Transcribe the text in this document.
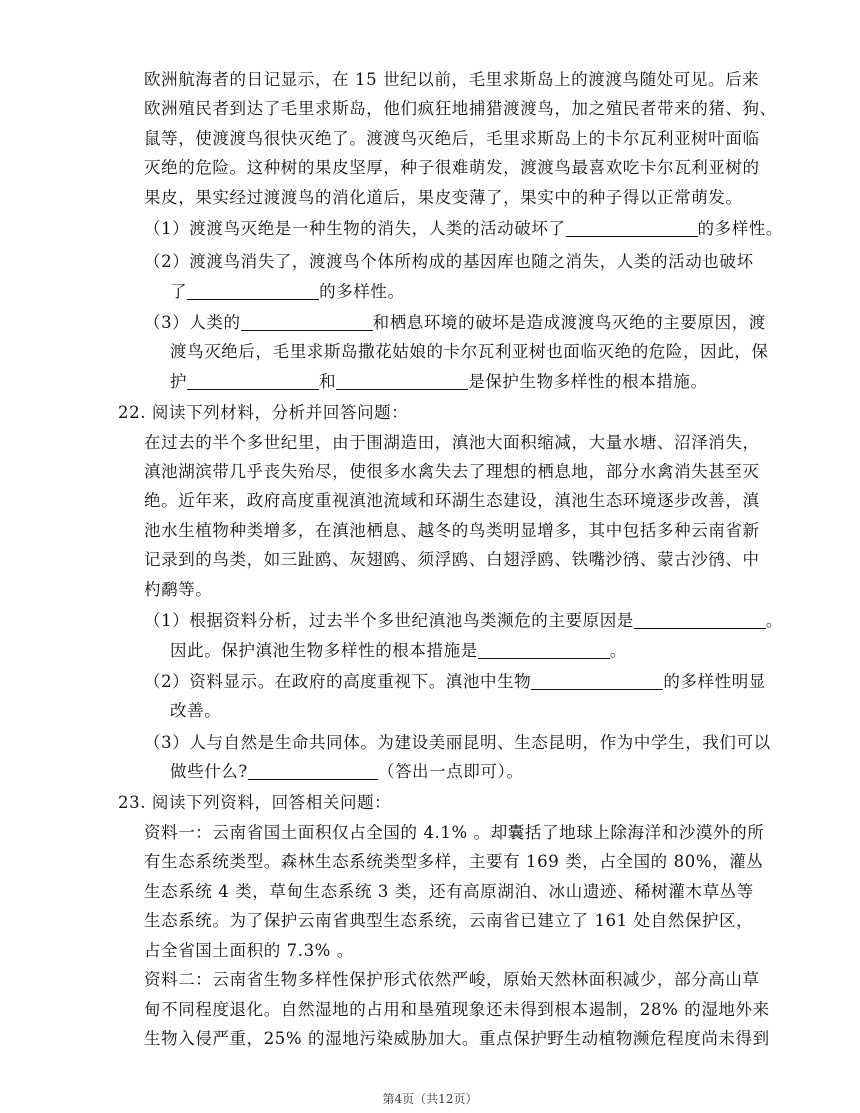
欧洲航海者的日记显示，在 15 世纪以前，毛里求斯岛上的渡渡鸟随处可见。后来
欧洲殖民者到达了毛里求斯岛，他们疯狂地捕猎渡渡鸟，加之殖民者带来的猪、狗、
鼠等，使渡渡鸟很快灭绝了。渡渡鸟灭绝后，毛里求斯岛上的卡尔瓦利亚树叶面临
灭绝的危险。这种树的果皮坚厚，种子很难萌发，渡渡鸟最喜欢吃卡尔瓦利亚树的
果皮，果实经过渡渡鸟的消化道后，果皮变薄了，果实中的种子得以正常萌发。
（1）渡渡鸟灭绝是一种生物的消失，人类的活动破坏了	的多样性。
（2）渡渡鸟消失了，渡渡鸟个体所构成的基因库也随之消失，人类的活动也破坏
了	的多样性。
（3）人类的	和栖息环境的破坏是造成渡渡鸟灭绝的主要原因，渡
渡鸟灭绝后，毛里求斯岛撒花姑娘的卡尔瓦利亚树也面临灭绝的危险，因此，保
护	和	是保护生物多样性的根本措施。
22. 阅读下列材料，分析并回答问题：
在过去的半个多世纪里，由于围湖造田，滇池大面积缩减，大量水塘、沼泽消失，
滇池湖滨带几乎丧失殆尽，使很多水禽失去了理想的栖息地，部分水禽消失甚至灭
绝。近年来，政府高度重视滇池流域和环湖生态建设，滇池生态环境逐步改善，滇
池水生植物种类增多，在滇池栖息、越冬的鸟类明显增多，其中包括多种云南省新
记录到的鸟类，如三趾鸥、灰翅鸥、须浮鸥、白翅浮鸥、铁嘴沙鸻、蒙古沙鸻、中
杓鹬等。
（1）根据资料分析，过去半个多世纪滇池鸟类濒危的主要原因是	。
因此。保护滇池生物多样性的根本措施是	。
（2）资料显示。在政府的高度重视下。滇池中生物	的多样性明显
改善。
（3）人与自然是生命共同体。为建设美丽昆明、生态昆明，作为中学生，我们可以
做些什么?	（答出一点即可）。
23. 阅读下列资料，回答相关问题：
资料一：云南省国土面积仅占全国的 4.1% 。却囊括了地球上除海洋和沙漠外的所
有生态系统类型。森林生态系统类型多样，主要有 169 类，占全国的 80%，灌丛
生态系统 4 类，草甸生态系统 3 类，还有高原湖泊、冰山遗迹、稀树灌木草丛等
生态系统。为了保护云南省典型生态系统，云南省已建立了 161 处自然保护区，
占全省国土面积的 7.3% 。
第4页（共12页）
资料二：云南省生物多样性保护形式依然严峻，原始天然林面积减少，部分高山草
甸不同程度退化。自然湿地的占用和垦殖现象还未得到根本遏制，28% 的湿地外来
生物入侵严重，25% 的湿地污染威胁加大。重点保护野生动植物濒危程度尚未得到
